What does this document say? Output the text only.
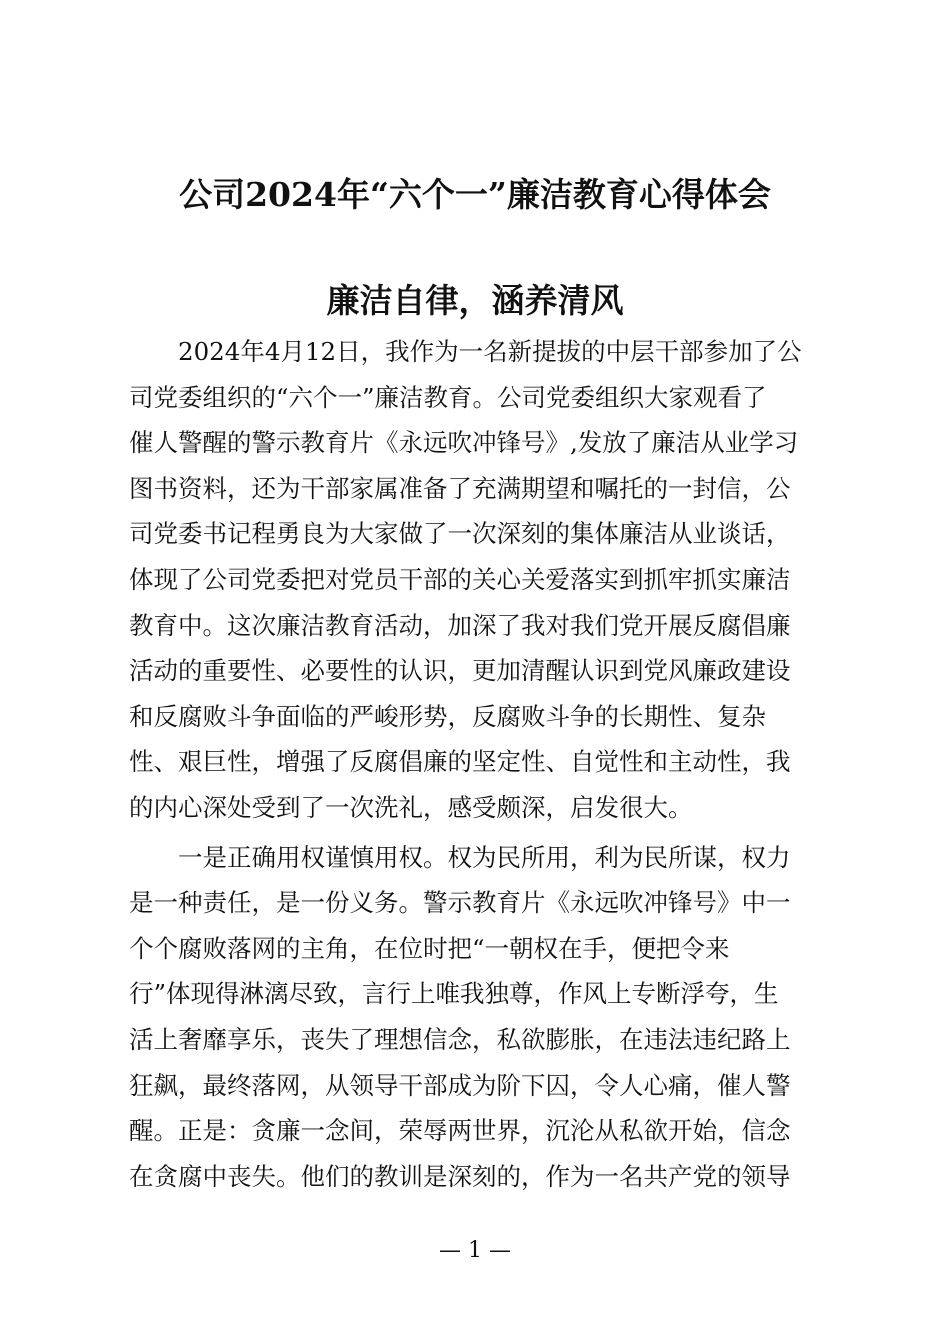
公司2024年“六个一”廉洁教育心得体会
廉洁自律，涵养清风
2024年4月12日，我作为一名新提拔的中层干部参加了公
司党委组织的“六个一”廉洁教育。公司党委组织大家观看了
催人警醒的警示教育片《永远吹冲锋号》,发放了廉洁从业学习
图书资料，还为干部家属准备了充满期望和嘱托的一封信，公
司党委书记程勇良为大家做了一次深刻的集体廉洁从业谈话，
体现了公司党委把对党员干部的关心关爱落实到抓牢抓实廉洁
教育中。这次廉洁教育活动，加深了我对我们党开展反腐倡廉
活动的重要性、必要性的认识，更加清醒认识到党风廉政建设
和反腐败斗争面临的严峻形势，反腐败斗争的长期性、复杂
性、艰巨性，增强了反腐倡廉的坚定性、自觉性和主动性，我
的内心深处受到了一次洗礼，感受颇深，启发很大。
一是正确用权谨慎用权。权为民所用，利为民所谋，权力
是一种责任，是一份义务。警示教育片《永远吹冲锋号》中一
个个腐败落网的主角，在位时把“一朝权在手，便把令来
行”体现得淋漓尽致，言行上唯我独尊，作风上专断浮夸，生
活上奢靡享乐，丧失了理想信念，私欲膨胀，在违法违纪路上
狂飙，最终落网，从领导干部成为阶下囚，令人心痛，催人警
醒。正是：贪廉一念间，荣辱两世界，沉沦从私欲开始，信念
在贪腐中丧失。他们的教训是深刻的，作为一名共产党的领导
— 1 —
